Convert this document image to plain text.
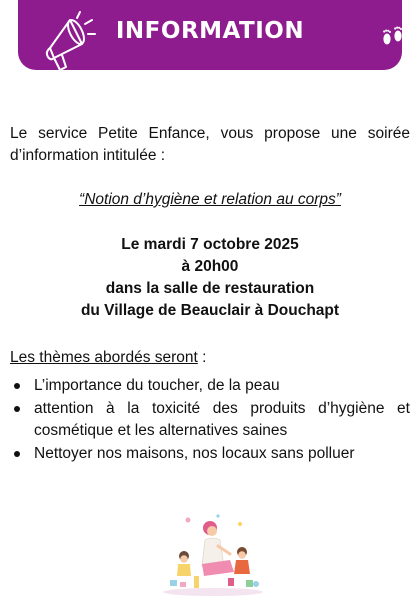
INFORMATION

Le service Petite Enfance, vous propose une soirée d’information intitulée :

“Notion d’hygiène et relation au corps”

Le mardi 7 octobre 2025
à 20h00
dans la salle de restauration
du Village de Beauclair à Douchapt

Les thèmes abordés seront :

L’importance du toucher, de la peau
attention à la toxicité des produits d’hygiène et cosmétique et les alternatives saines
Nettoyer nos maisons, nos locaux sans polluer
